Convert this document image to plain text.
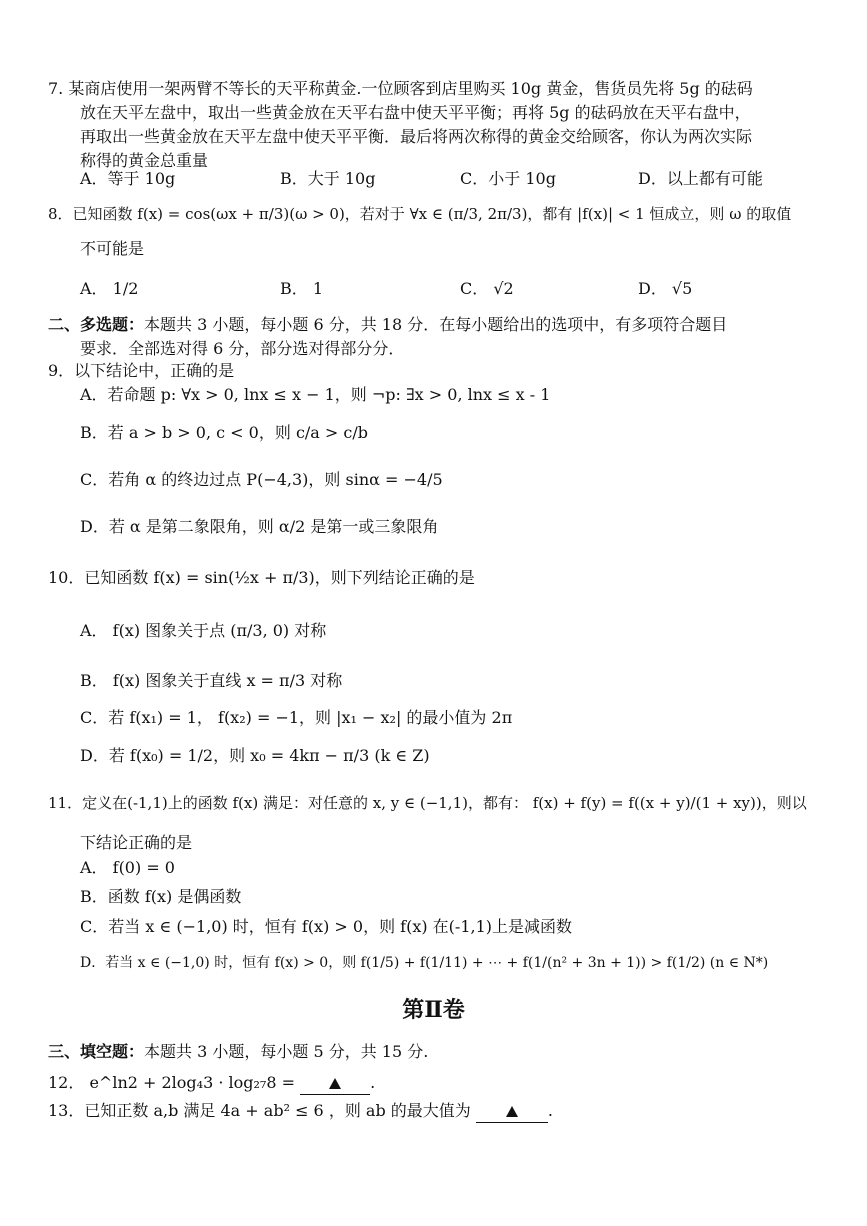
7. 某商店使用一架两臂不等长的天平称黄金.一位顾客到店里购买 10g 黄金，售货员先将 5g 的砝码
放在天平左盘中，取出一些黄金放在天平右盘中使天平平衡；再将 5g 的砝码放在天平右盘中，
再取出一些黄金放在天平左盘中使天平平衡．最后将两次称得的黄金交给顾客，你认为两次实际
称得的黄金总重量
A．等于 10g	B．大于 10g	C．小于 10g	D．以上都有可能
8．已知函数 f(x) = cos(ωx + π/3)(ω > 0)，若对于 ∀x ∈ (π/3, 2π/3)，都有 |f(x)| < 1 恒成立，则 ω 的取值
不可能是
A． 1/2	B． 1	C． √2	D． √5
二、多选题：本题共 3 小题，每小题 6 分，共 18 分．在每小题给出的选项中，有多项符合题目
要求．全部选对得 6 分，部分选对得部分分．
9．以下结论中，正确的是
A．若命题 p: ∀x > 0, lnx ≤ x − 1，则 ¬p: ∃x > 0, lnx ≤ x - 1
B．若 a > b > 0, c < 0，则 c/a > c/b
C．若角 α 的终边过点 P(−4,3)，则 sinα = −4/5
D．若 α 是第二象限角，则 α/2 是第一或三象限角
10．已知函数 f(x) = sin(½x + π/3)，则下列结论正确的是
A． f(x) 图象关于点 (π/3, 0) 对称
B． f(x) 图象关于直线 x = π/3 对称
C．若 f(x₁) = 1， f(x₂) = −1，则 |x₁ − x₂| 的最小值为 2π
D．若 f(x₀) = 1/2，则 x₀ = 4kπ − π/3 (k ∈ Z)
11．定义在(-1,1)上的函数 f(x) 满足：对任意的 x, y ∈ (−1,1)，都有： f(x) + f(y) = f((x + y)/(1 + xy))，则以
下结论正确的是
A． f(0) = 0
B．函数 f(x) 是偶函数
C．若当 x ∈ (−1,0) 时，恒有 f(x) > 0，则 f(x) 在(-1,1)上是减函数
D．若当 x ∈ (−1,0) 时，恒有 f(x) > 0，则 f(1/5) + f(1/11) + ⋯ + f(1/(n² + 3n + 1)) > f(1/2) (n ∈ N*)
第Ⅱ卷
三、填空题：本题共 3 小题，每小题 5 分，共 15 分.
12． e^ln2 + 2log₄3 · log₂₇8 =	.
13．已知正数 a,b 满足 4a + ab² ≤ 6 ，则 ab 的最大值为	.
